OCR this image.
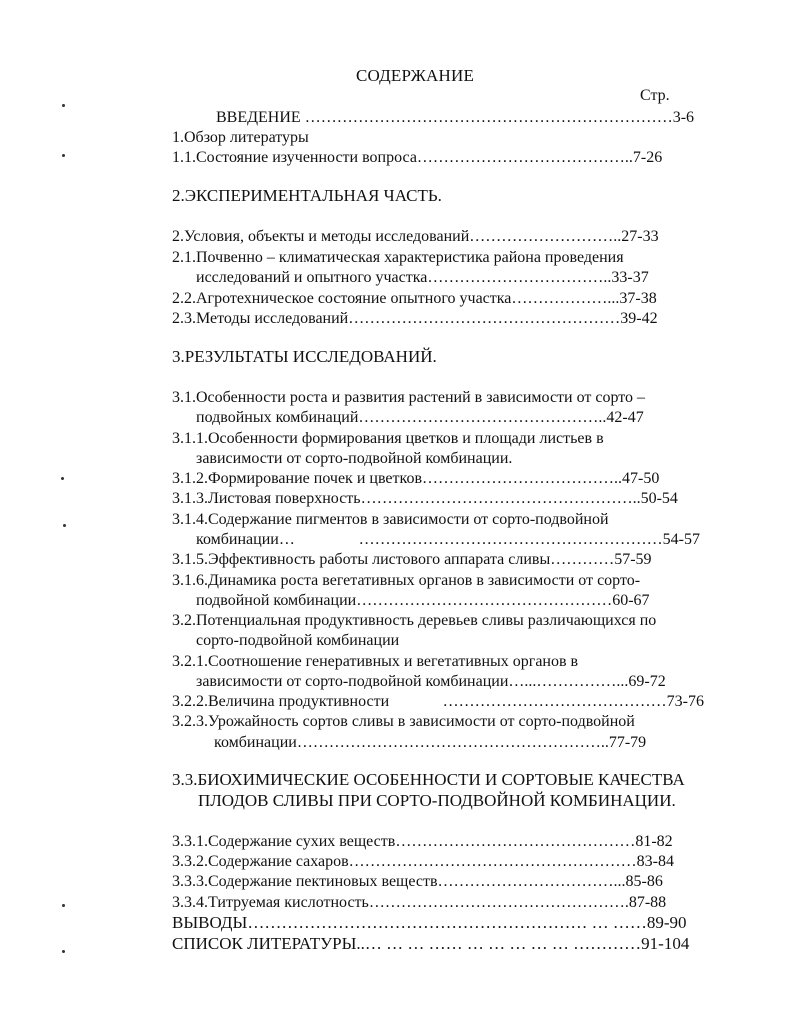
СОДЕРЖАНИЕ
Стр.
ВВЕДЕНИЕ ……………………………………………………………3-6
1.Обзор литературы
1.1.Состояние изученности вопроса…………………………………..7-26
2.ЭКСПЕРИМЕНТАЛЬНАЯ ЧАСТЬ.
2.Условия, объекты и методы исследований………………………..27-33
2.1.Почвенно – климатическая характеристика района проведения
исследований и опытного участка……………………………..33-37
2.2.Агротехническое состояние опытного участка………………...37-38
2.3.Методы исследований……………………………………………39-42
3.РЕЗУЛЬТАТЫ ИССЛЕДОВАНИЙ.
3.1.Особенности роста и развития растений в зависимости от сорто –
подвойных комбинаций………………………………………..42-47
3.1.1.Особенности формирования цветков и площади листьев в
зависимости от сорто-подвойной комбинации.
3.1.2.Формирование почек и цветков………………………………..47-50
3.1.3.Листовая поверхность……………………………………………..50-54
3.1.4.Содержание пигментов в зависимости от сорто-подвойной
комбинации…	…………………………………………………54-57
3.1.5.Эффективность работы листового аппарата сливы…………57-59
3.1.6.Динамика роста вегетативных органов в зависимости от сорто-
подвойной комбинации…………………………………………60-67
3.2.Потенциальная продуктивность деревьев сливы различающихся по
сорто-подвойной комбинации
3.2.1.Соотношение генеративных и вегетативных органов в
зависимости от сорто-подвойной комбинации…...……………...69-72
3.2.2.Величина продуктивности	……………………………………73-76
3.2.3.Урожайность сортов сливы в зависимости от сорто-подвойной
комбинации…………………………………………………..77-79
3.3.БИОХИМИЧЕСКИЕ ОСОБЕННОСТИ И СОРТОВЫЕ КАЧЕСТВА
ПЛОДОВ СЛИВЫ ПРИ СОРТО-ПОДВОЙНОЙ КОМБИНАЦИИ.
3.3.1.Содержание сухих веществ………………………………………81-82
3.3.2.Содержание сахаров………………………………………………83-84
3.3.3.Содержание пектиновых веществ……………………………...85-86
3.3.4.Титруемая кислотность………………………………………….87-88
ВЫВОДЫ…………………………………………………… … ……89-90
СПИСОК ЛИТЕРАТУРЫ..… … … …… … … … … … …………91-104
